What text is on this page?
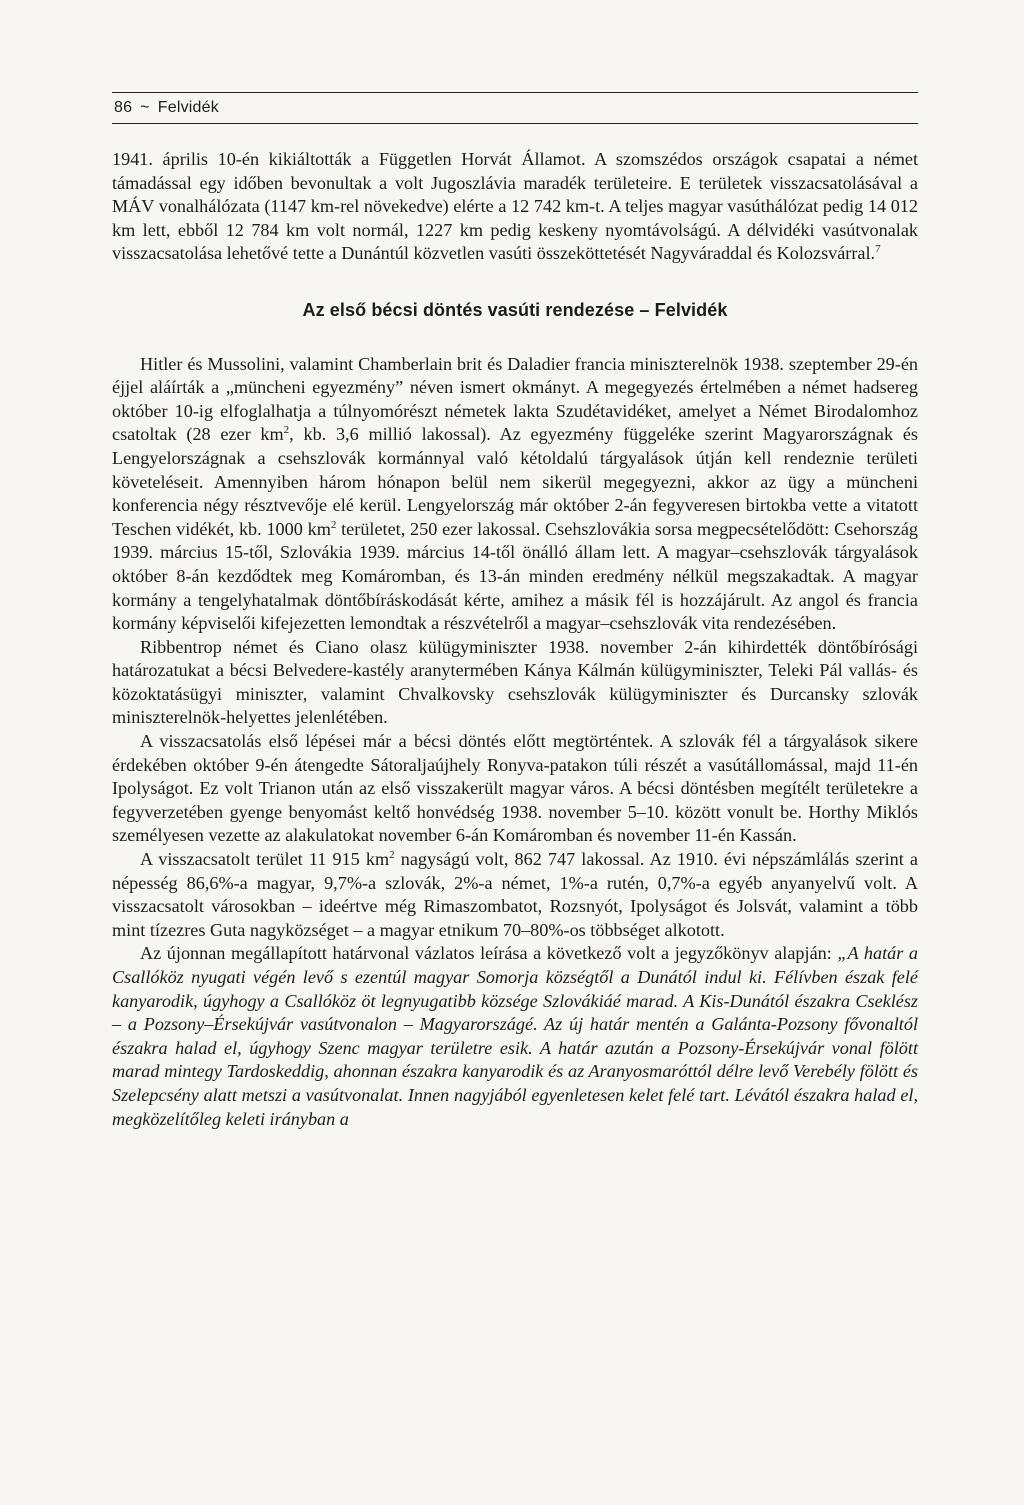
86 ~ Felvidék

1941. április 10-én kikiáltották a Független Horvát Államot. A szomszédos országok csapatai a német támadással egy időben bevonultak a volt Jugoszlávia maradék területeire. E területek visszacsatolásával a MÁV vonalhálózata (1147 km-rel növekedve) elérte a 12 742 km-t. A teljes magyar vasúthálózat pedig 14 012 km lett, ebből 12 784 km volt normál, 1227 km pedig keskeny nyomtávolságú. A délvidéki vasútvonalak visszacsatolása lehetővé tette a Dunántúl közvetlen vasúti összeköttetését Nagyváraddal és Kolozsvárral.$^7$

Az első bécsi döntés vasúti rendezése – Felvidék

Hitler és Mussolini, valamint Chamberlain brit és Daladier francia miniszterelnök 1938. szeptember 29-én éjjel aláírták a „müncheni egyezmény” néven ismert okmányt. A megegyezés értelmében a német hadsereg október 10-ig elfoglalhatja a túlnyomórészt németek lakta Szudétavidéket, amelyet a Német Birodalomhoz csatoltak (28 ezer $km^2$, kb. 3,6 millió lakossal). Az egyezmény függeléke szerint Magyarországnak és Lengyelországnak a csehszlovák kormánnyal való kétoldalú tárgyalások útján kell rendeznie területi követeléseit. Amennyiben három hónapon belül nem sikerül megegyezni, akkor az ügy a müncheni konferencia négy résztvevője elé kerül. Lengyelország már október 2-án fegyveresen birtokba vette a vitatott Teschen vidékét, kb. 1000 $km^2$ területet, 250 ezer lakossal. Csehszlovákia sorsa megpecsételődött: Csehország 1939. március 15-től, Szlovákia 1939. március 14-től önálló állam lett. A magyar–csehszlovák tárgyalások október 8-án kezdődtek meg Komáromban, és 13-án minden eredmény nélkül megszakadtak. A magyar kormány a tengelyhatalmak döntőbíráskodását kérte, amihez a másik fél is hozzájárult. Az angol és francia kormány képviselői kifejezetten lemondtak a részvételről a magyar–csehszlovák vita rendezésében.

Ribbentrop német és Ciano olasz külügyminiszter 1938. november 2-án kihirdették döntőbírósági határozatukat a bécsi Belvedere-kastély aranytermében Kánya Kálmán külügyminiszter, Teleki Pál vallás- és közoktatásügyi miniszter, valamint Chvalkovsky csehszlovák külügyminiszter és Durcansky szlovák miniszterelnök-helyettes jelenlétében.

A visszacsatolás első lépései már a bécsi döntés előtt megtörténtek. A szlovák fél a tárgyalások sikere érdekében október 9-én átengedte Sátoraljaújhely Ronyva-patakon túli részét a vasútállomással, majd 11-én Ipolyságot. Ez volt Trianon után az első visszakerült magyar város. A bécsi döntésben megítélt területekre a fegyverzetében gyenge benyomást keltő honvédség 1938. november 5–10. között vonult be. Horthy Miklós személyesen vezette az alakulatokat november 6-án Komáromban és november 11-én Kassán.

A visszacsatolt terület 11 915 $km^2$ nagyságú volt, 862 747 lakossal. Az 1910. évi népszámlálás szerint a népesség 86,6%-a magyar, 9,7%-a szlovák, 2%-a német, 1%-a rutén, 0,7%-a egyéb anyanyelvű volt. A visszacsatolt városokban – ideértve még Rimaszombatot, Rozsnyót, Ipolyságot és Jolsvát, valamint a több mint tízezres Guta nagyközséget – a magyar etnikum 70–80%-os többséget alkotott.

Az újonnan megállapított határvonal vázlatos leírása a következő volt a jegyzőkönyv alapján: „A határ a Csallóköz nyugati végén levő s ezentúl magyar Somorja községtől a Dunától indul ki. Félívben észak felé kanyarodik, úgyhogy a Csallóköz öt legnyugatibb községe Szlovákiáé marad. A Kis-Dunától északra Cseklész – a Pozsony–Érsekújvár vasútvonalon – Magyarországé. Az új határ mentén a Galánta-Pozsony fővonaltól északra halad el, úgyhogy Szenc magyar területre esik. A határ azután a Pozsony-Érsekújvár vonal fölött marad mintegy Tardoskeddig, ahonnan északra kanyarodik és az Aranyosmaróttól délre levő Verebély fölött és Szelepcsény alatt metszi a vasútvonalat. Innen nagyjából egyenletesen kelet felé tart. Lévától északra halad el, megközelítőleg keleti irányban a
